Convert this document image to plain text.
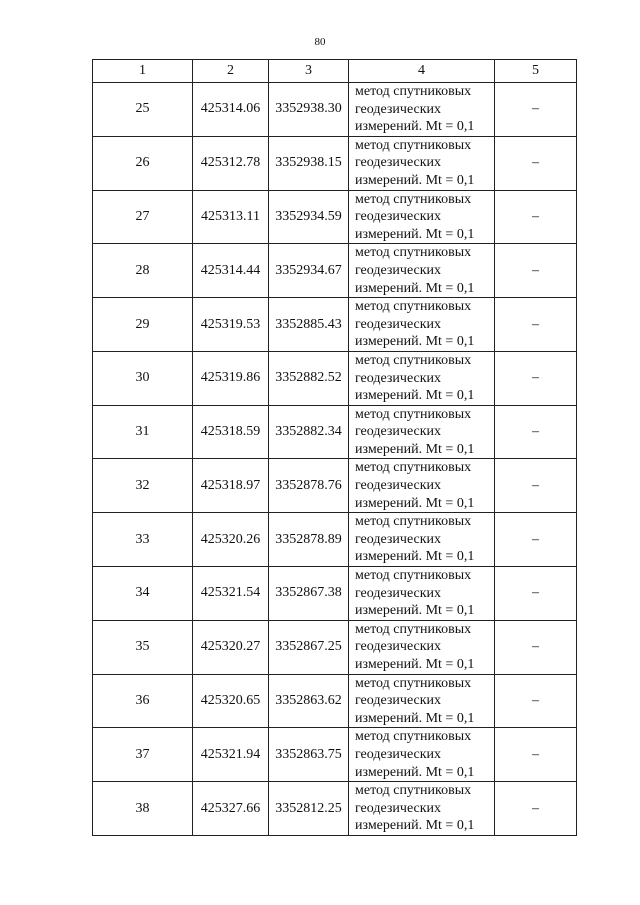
80
1	2	3	4	5
25	425314.06	3352938.30	метод спутниковых
геодезических
измерений. Mt = 0,1	–
26	425312.78	3352938.15	метод спутниковых
геодезических
измерений. Mt = 0,1	–
27	425313.11	3352934.59	метод спутниковых
геодезических
измерений. Mt = 0,1	–
28	425314.44	3352934.67	метод спутниковых
геодезических
измерений. Mt = 0,1	–
29	425319.53	3352885.43	метод спутниковых
геодезических
измерений. Mt = 0,1	–
30	425319.86	3352882.52	метод спутниковых
геодезических
измерений. Mt = 0,1	–
31	425318.59	3352882.34	метод спутниковых
геодезических
измерений. Mt = 0,1	–
32	425318.97	3352878.76	метод спутниковых
геодезических
измерений. Mt = 0,1	–
33	425320.26	3352878.89	метод спутниковых
геодезических
измерений. Mt = 0,1	–
34	425321.54	3352867.38	метод спутниковых
геодезических
измерений. Mt = 0,1	–
35	425320.27	3352867.25	метод спутниковых
геодезических
измерений. Mt = 0,1	–
36	425320.65	3352863.62	метод спутниковых
геодезических
измерений. Mt = 0,1	–
37	425321.94	3352863.75	метод спутниковых
геодезических
измерений. Mt = 0,1	–
38	425327.66	3352812.25	метод спутниковых
геодезических
измерений. Mt = 0,1	–
